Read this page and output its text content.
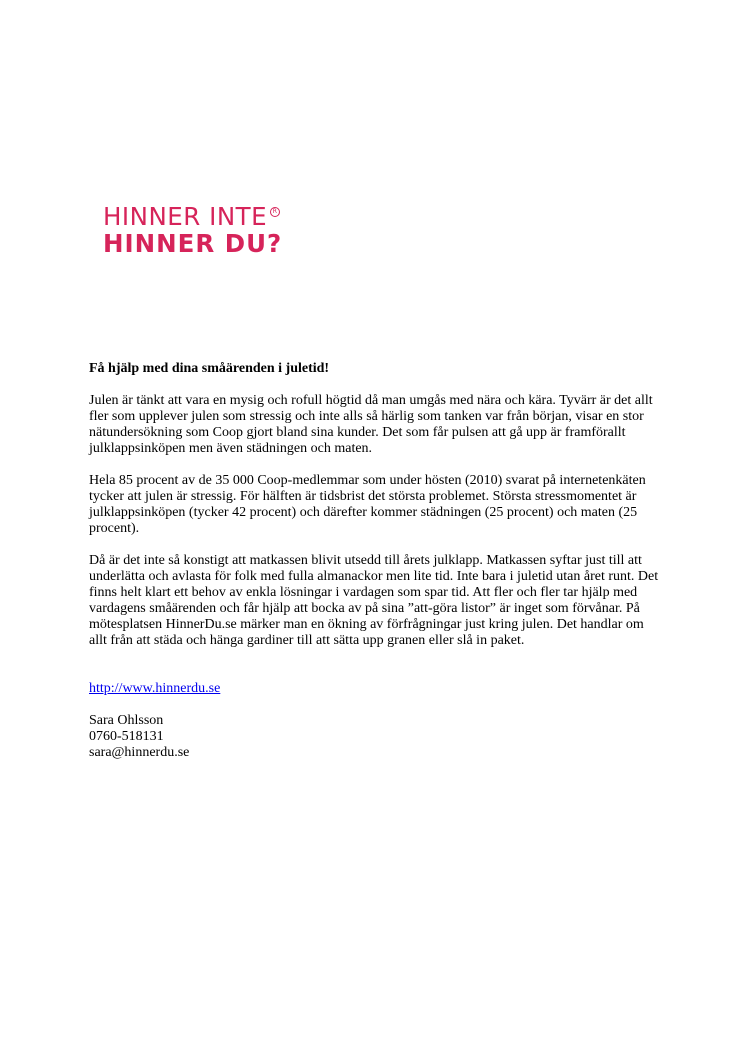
HINNER INTE R
HINNER DU?
Få hjälp med dina småärenden i juletid!

Julen är tänkt att vara en mysig och rofull högtid då man umgås med nära och kära. Tyvärr är det allt fler som upplever julen som stressig och inte alls så härlig som tanken var från början, visar en stor nätundersökning som Coop gjort bland sina kunder. Det som får pulsen att gå upp är framförallt julklappsinköpen men även städningen och maten.

Hela 85 procent av de 35 000 Coop-medlemmar som under hösten (2010) svarat på internetenkäten tycker att julen är stressig. För hälften är tidsbrist det största problemet. Största stressmomentet är julklappsinköpen (tycker 42 procent) och därefter kommer städningen (25 procent) och maten (25 procent).

Då är det inte så konstigt att matkassen blivit utsedd till årets julklapp. Matkassen syftar just till att underlätta och avlasta för folk med fulla almanackor men lite tid. Inte bara i juletid utan året runt. Det finns helt klart ett behov av enkla lösningar i vardagen som spar tid. Att fler och fler tar hjälp med vardagens småärenden och får hjälp att bocka av på sina ”att-göra listor” är inget som förvånar. På mötesplatsen HinnerDu.se märker man en ökning av förfrågningar just kring julen. Det handlar om allt från att städa och hänga gardiner till att sätta upp granen eller slå in paket.

http://www.hinnerdu.se
Sara Ohlsson
0760-518131
sara@hinnerdu.se
